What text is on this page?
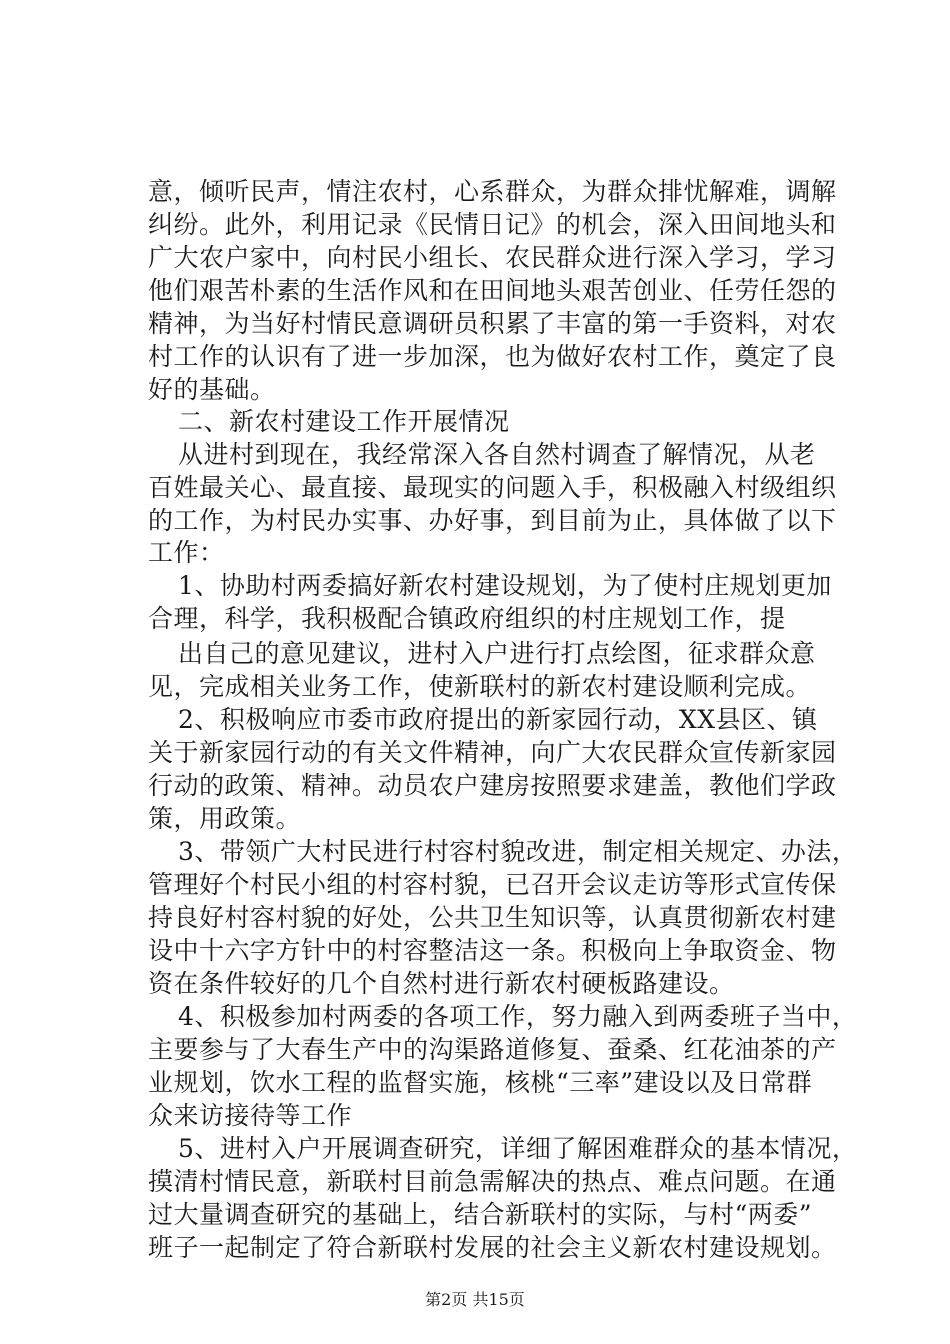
意，倾听民声，情注农村，心系群众，为群众排忧解难，调解
纠纷。此外，利用记录《民情日记》的机会，深入田间地头和
广大农户家中，向村民小组长、农民群众进行深入学习，学习
他们艰苦朴素的生活作风和在田间地头艰苦创业、任劳任怨的
精神，为当好村情民意调研员积累了丰富的第一手资料，对农
村工作的认识有了进一步加深，也为做好农村工作，奠定了良
好的基础。
二、新农村建设工作开展情况
从进村到现在，我经常深入各自然村调查了解情况，从老
百姓最关心、最直接、最现实的问题入手，积极融入村级组织
的工作，为村民办实事、办好事，到目前为止，具体做了以下
工作：
1、协助村两委搞好新农村建设规划，为了使村庄规划更加
合理，科学，我积极配合镇政府组织的村庄规划工作，提
出自己的意见建议，进村入户进行打点绘图，征求群众意
见，完成相关业务工作，使新联村的新农村建设顺利完成。
2、积极响应市委市政府提出的新家园行动，XX县区、镇
关于新家园行动的有关文件精神，向广大农民群众宣传新家园
行动的政策、精神。动员农户建房按照要求建盖，教他们学政
策，用政策。
3、带领广大村民进行村容村貌改进，制定相关规定、办法，
管理好个村民小组的村容村貌，已召开会议走访等形式宣传保
持良好村容村貌的好处，公共卫生知识等，认真贯彻新农村建
设中十六字方针中的村容整洁这一条。积极向上争取资金、物
资在条件较好的几个自然村进行新农村硬板路建设。
4、积极参加村两委的各项工作，努力融入到两委班子当中，
主要参与了大春生产中的沟渠路道修复、蚕桑、红花油茶的产
业规划，饮水工程的监督实施，核桃“三率”建设以及日常群
众来访接待等工作
5、进村入户开展调查研究，详细了解困难群众的基本情况，
摸清村情民意，新联村目前急需解决的热点、难点问题。在通
过大量调查研究的基础上，结合新联村的实际，与村“两委”
班子一起制定了符合新联村发展的社会主义新农村建设规划。
第2页 共15页
